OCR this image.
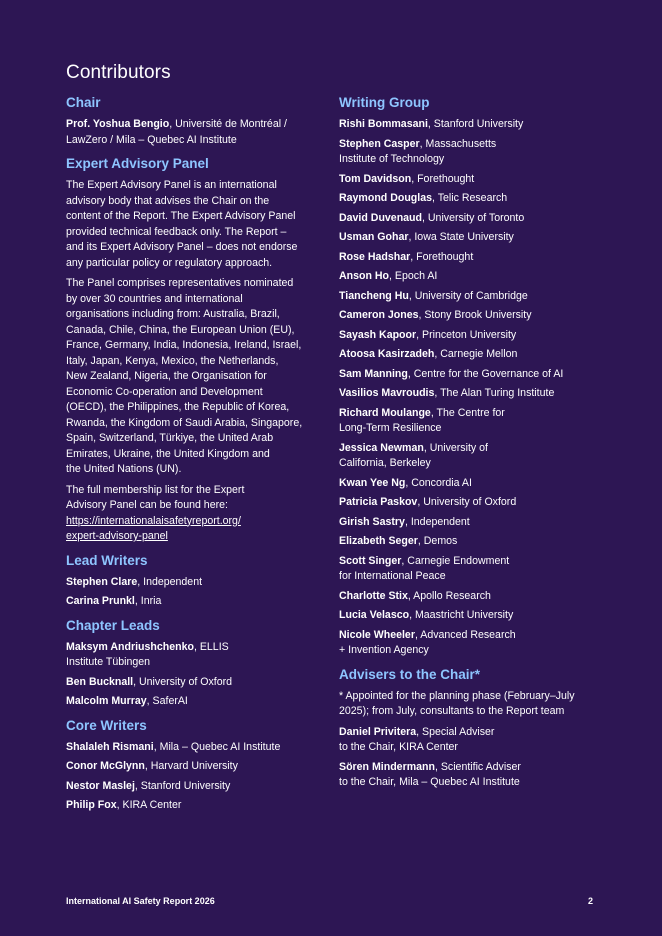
Contributors
Chair
Prof. Yoshua Bengio, Université de Montréal /
LawZero / Mila – Quebec AI Institute
Expert Advisory Panel
The Expert Advisory Panel is an international
advisory body that advises the Chair on the
content of the Report. The Expert Advisory Panel
provided technical feedback only. The Report –
and its Expert Advisory Panel – does not endorse
any particular policy or regulatory approach.
The Panel comprises representatives nominated
by over 30 countries and international
organisations including from: Australia, Brazil,
Canada, Chile, China, the European Union (EU),
France, Germany, India, Indonesia, Ireland, Israel,
Italy, Japan, Kenya, Mexico, the Netherlands,
New Zealand, Nigeria, the Organisation for
Economic Co-operation and Development
(OECD), the Philippines, the Republic of Korea,
Rwanda, the Kingdom of Saudi Arabia, Singapore,
Spain, Switzerland, Türkiye, the United Arab
Emirates, Ukraine, the United Kingdom and
the United Nations (UN).
The full membership list for the Expert
Advisory Panel can be found here:
https://internationalaisafetyreport.org/
expert-advisory-panel
Lead Writers
Stephen Clare, Independent
Carina Prunkl, Inria
Chapter Leads
Maksym Andriushchenko, ELLIS
Institute Tübingen
Ben Bucknall, University of Oxford
Malcolm Murray, SaferAI
Core Writers
Shalaleh Rismani, Mila – Quebec AI Institute
Conor McGlynn, Harvard University
Nestor Maslej, Stanford University
Philip Fox, KIRA Center
Writing Group
Rishi Bommasani, Stanford University
Stephen Casper, Massachusetts
Institute of Technology
Tom Davidson, Forethought
Raymond Douglas, Telic Research
David Duvenaud, University of Toronto
Usman Gohar, Iowa State University
Rose Hadshar, Forethought
Anson Ho, Epoch AI
Tiancheng Hu, University of Cambridge
Cameron Jones, Stony Brook University
Sayash Kapoor, Princeton University
Atoosa Kasirzadeh, Carnegie Mellon
Sam Manning, Centre for the Governance of AI
Vasilios Mavroudis, The Alan Turing Institute
Richard Moulange, The Centre for
Long-Term Resilience
Jessica Newman, University of
California, Berkeley
Kwan Yee Ng, Concordia AI
Patricia Paskov, University of Oxford
Girish Sastry, Independent
Elizabeth Seger, Demos
Scott Singer, Carnegie Endowment
for International Peace
Charlotte Stix, Apollo Research
Lucia Velasco, Maastricht University
Nicole Wheeler, Advanced Research
+ Invention Agency
Advisers to the Chair*
* Appointed for the planning phase (February–July
2025); from July, consultants to the Report team
Daniel Privitera, Special Adviser
to the Chair, KIRA Center
Sören Mindermann, Scientific Adviser
to the Chair, Mila – Quebec AI Institute
International AI Safety Report 2026	2
